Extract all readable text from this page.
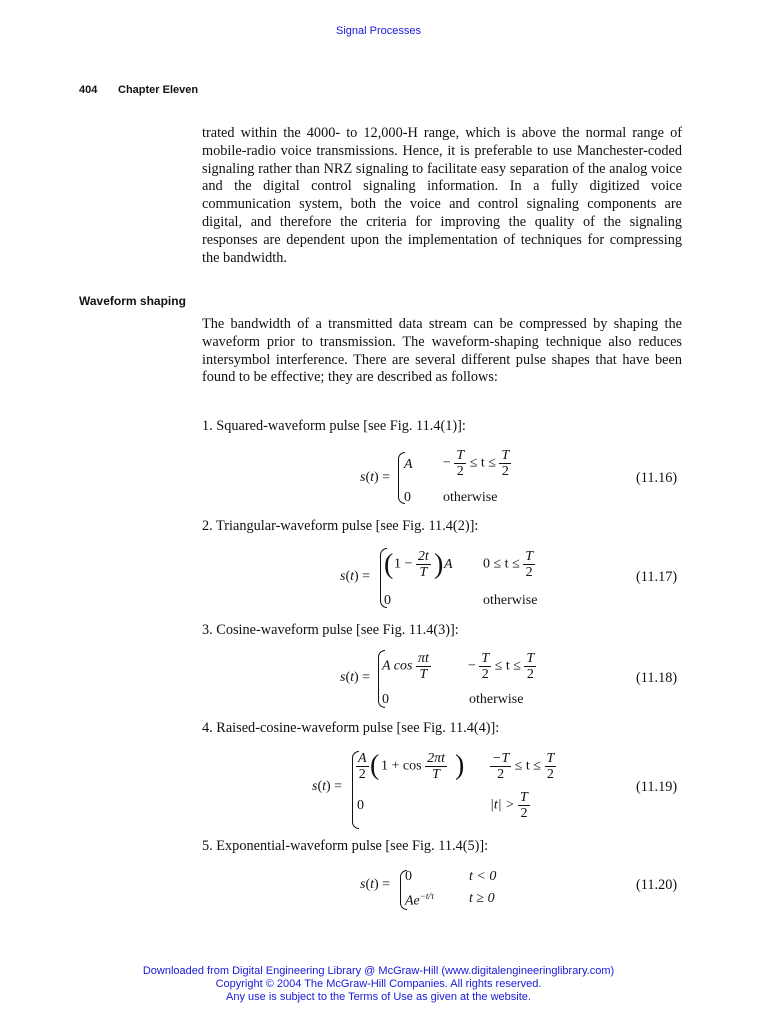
Signal Processes
404 Chapter Eleven
trated within the 4000- to 12,000-H range, which is above the normal range of mobile-radio voice transmissions. Hence, it is preferable to use Manchester-coded signaling rather than NRZ signaling to facilitate easy separation of the analog voice and the digital control signaling information. In a fully digitized voice communication system, both the voice and control signaling components are digital, and therefore the criteria for improving the quality of the signaling responses are dependent upon the implementation of techniques for compressing the bandwidth.
Waveform shaping
The bandwidth of a transmitted data stream can be compressed by shaping the waveform prior to transmission. The waveform-shaping technique also reduces intersymbol interference. There are several different pulse shapes that have been found to be effective; they are described as follows:
1. Squared-waveform pulse [see Fig. 11.4(1)]:
s(t) =
$A - \frac{T}{2} \le t \le \frac{T}{2}$
0 otherwise
(11.16)
2. Triangular-waveform pulse [see Fig. 11.4(2)]:
s(t) = ( $1 - \frac{2t}{T}$ ) A $0 \le t \le \frac{T}{2}$
0	otherwise
(11.17)
3. Cosine-waveform pulse [see Fig. 11.4(3)]:
s(t) =
A $\cos \frac{\pi t}{T}$	− $\frac{T}{2} \le t \le \frac{T}{2}$
0	otherwise
(11.18)
4. Raised-cosine-waveform pulse [see Fig. 11.4(4)]:
s(t) =
$\frac{A}{2}$ ( $1 + \cos \frac{2\pi t}{T}$ ) $\frac{-T}{2} \le t \le \frac{T}{2}$
0	$|t| > \frac{T}{2}$
(11.19)
5. Exponential-waveform pulse [see Fig. 11.4(5)]:
s(t) =
0	t < 0
$Ae^{-t/\tau}$ t ≥ 0
(11.20)
Downloaded from Digital Engineering Library @ McGraw-Hill (www.digitalengineeringlibrary.com)
Copyright © 2004 The McGraw-Hill Companies. All rights reserved.
Any use is subject to the Terms of Use as given at the website.
